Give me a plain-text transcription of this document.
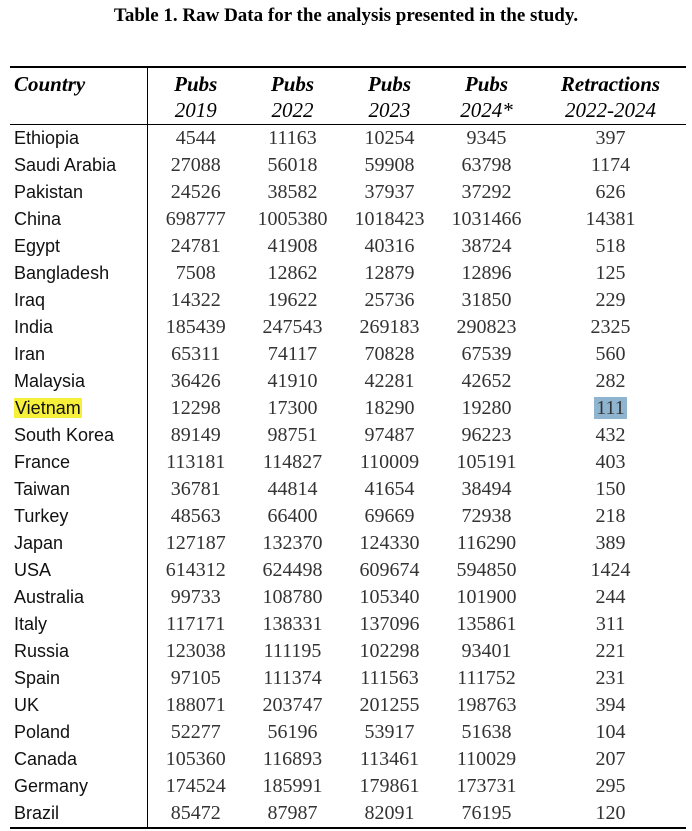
Table 1. Raw Data for the analysis presented in the study.
Country	Pubs	Pubs	Pubs	Pubs	Retractions
	2019	2022	2023	2024*	2022-2024
Ethiopia	4544	11163	10254	9345	397
Saudi Arabia	27088	56018	59908	63798	1174
Pakistan	24526	38582	37937	37292	626
China	698777	1005380	1018423	1031466	14381
Egypt	24781	41908	40316	38724	518
Bangladesh	7508	12862	12879	12896	125
Iraq	14322	19622	25736	31850	229
India	185439	247543	269183	290823	2325
Iran	65311	74117	70828	67539	560
Malaysia	36426	41910	42281	42652	282
Vietnam	12298	17300	18290	19280	111
South Korea	89149	98751	97487	96223	432
France	113181	114827	110009	105191	403
Taiwan	36781	44814	41654	38494	150
Turkey	48563	66400	69669	72938	218
Japan	127187	132370	124330	116290	389
USA	614312	624498	609674	594850	1424
Australia	99733	108780	105340	101900	244
Italy	117171	138331	137096	135861	311
Russia	123038	111195	102298	93401	221
Spain	97105	111374	111563	111752	231
UK	188071	203747	201255	198763	394
Poland	52277	56196	53917	51638	104
Canada	105360	116893	113461	110029	207
Germany	174524	185991	179861	173731	295
Brazil	85472	87987	82091	76195	120
